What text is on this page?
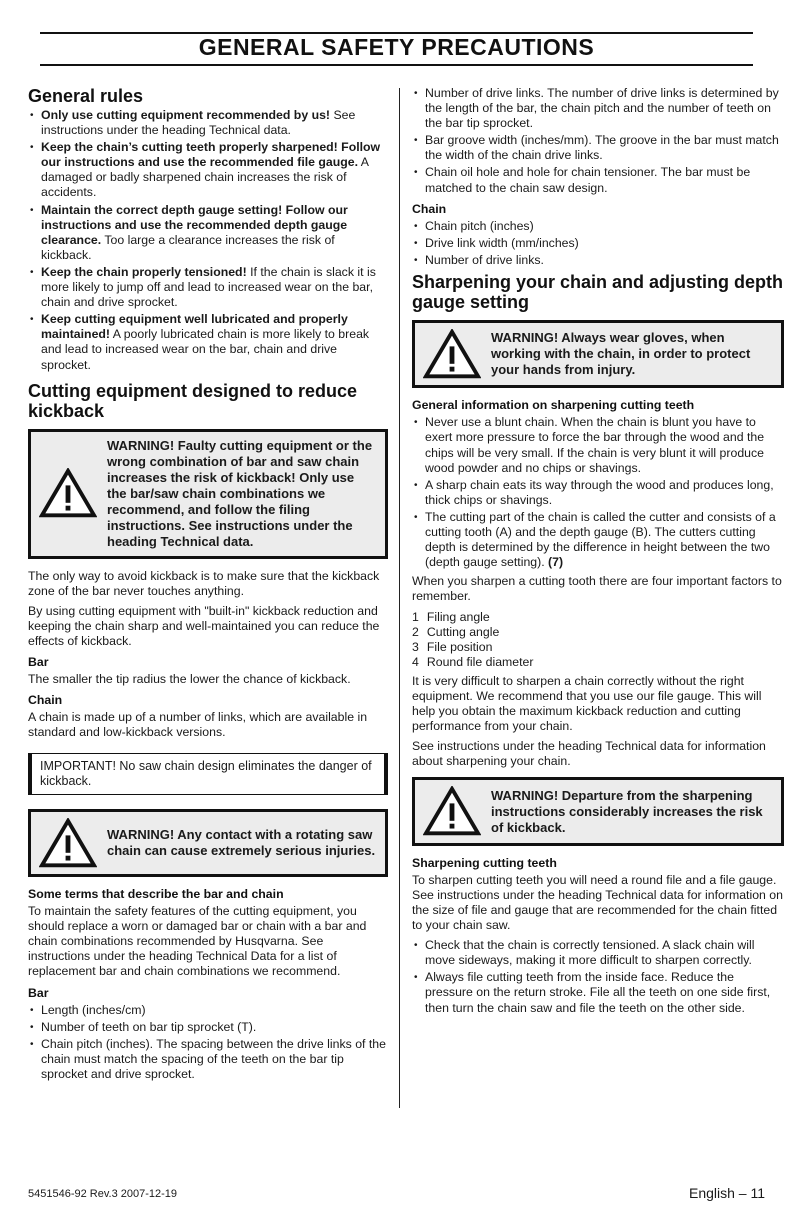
GENERAL SAFETY PRECAUTIONS
General rules
• Only use cutting equipment recommended by us! See instructions under the heading Technical data.
• Keep the chain’s cutting teeth properly sharpened! Follow our instructions and use the recommended file gauge. A damaged or badly sharpened chain increases the risk of accidents.
• Maintain the correct depth gauge setting! Follow our instructions and use the recommended depth gauge clearance. Too large a clearance increases the risk of kickback.
• Keep the chain properly tensioned! If the chain is slack it is more likely to jump off and lead to increased wear on the bar, chain and drive sprocket.
• Keep cutting equipment well lubricated and properly maintained! A poorly lubricated chain is more likely to break and lead to increased wear on the bar, chain and drive sprocket.
Cutting equipment designed to reduce kickback
WARNING! Faulty cutting equipment or the wrong combination of bar and saw chain increases the risk of kickback! Only use the bar/saw chain combinations we recommend, and follow the filing instructions. See instructions under the heading Technical data.

The only way to avoid kickback is to make sure that the kickback zone of the bar never touches anything.

By using cutting equipment with "built-in" kickback reduction and keeping the chain sharp and well-maintained you can reduce the effects of kickback.

Bar

The smaller the tip radius the lower the chance of kickback.

Chain

A chain is made up of a number of links, which are available in standard and low-kickback versions.

IMPORTANT! No saw chain design eliminates the danger of kickback.
WARNING! Any contact with a rotating saw chain can cause extremely serious injuries.
Some terms that describe the bar and chain

To maintain the safety features of the cutting equipment, you should replace a worn or damaged bar or chain with a bar and chain combinations recommended by Husqvarna. See instructions under the heading Technical Data for a list of replacement bar and chain combinations we recommend.

Bar
• Length (inches/cm)
• Number of teeth on bar tip sprocket (T).
• Chain pitch (inches). The spacing between the drive links of the chain must match the spacing of the teeth on the bar tip sprocket and drive sprocket.
• Number of drive links. The number of drive links is determined by the length of the bar, the chain pitch and the number of teeth on the bar tip sprocket.
• Bar groove width (inches/mm). The groove in the bar must match the width of the chain drive links.
• Chain oil hole and hole for chain tensioner. The bar must be matched to the chain saw design.
Chain
• Chain pitch (inches)
• Drive link width (mm/inches)
• Number of drive links.
Sharpening your chain and adjusting depth gauge setting
WARNING! Always wear gloves, when working with the chain, in order to protect your hands from injury.
General information on sharpening cutting teeth
• Never use a blunt chain. When the chain is blunt you have to exert more pressure to force the bar through the wood and the chips will be very small. If the chain is very blunt it will produce wood powder and no chips or shavings.
• A sharp chain eats its way through the wood and produces long, thick chips or shavings.
• The cutting part of the chain is called the cutter and consists of a cutting tooth (A) and the depth gauge (B). The cutters cutting depth is determined by the difference in height between the two (depth gauge setting). (7)

When you sharpen a cutting tooth there are four important factors to remember.

1 Filing angle
2 Cutting angle
3 File position
4 Round file diameter

It is very difficult to sharpen a chain correctly without the right equipment. We recommend that you use our file gauge. This will help you obtain the maximum kickback reduction and cutting performance from your chain.

See instructions under the heading Technical data for information about sharpening your chain.

WARNING! Departure from the sharpening instructions considerably increases the risk of kickback.
Sharpening cutting teeth

To sharpen cutting teeth you will need a round file and a file gauge. See instructions under the heading Technical data for information on the size of file and gauge that are recommended for the chain fitted to your chain saw.

• Check that the chain is correctly tensioned. A slack chain will move sideways, making it more difficult to sharpen correctly.
• Always file cutting teeth from the inside face. Reduce the pressure on the return stroke. File all the teeth on one side first, then turn the chain saw and file the teeth on the other side.
5451546-92 Rev.3 2007-12-19	English – 11
